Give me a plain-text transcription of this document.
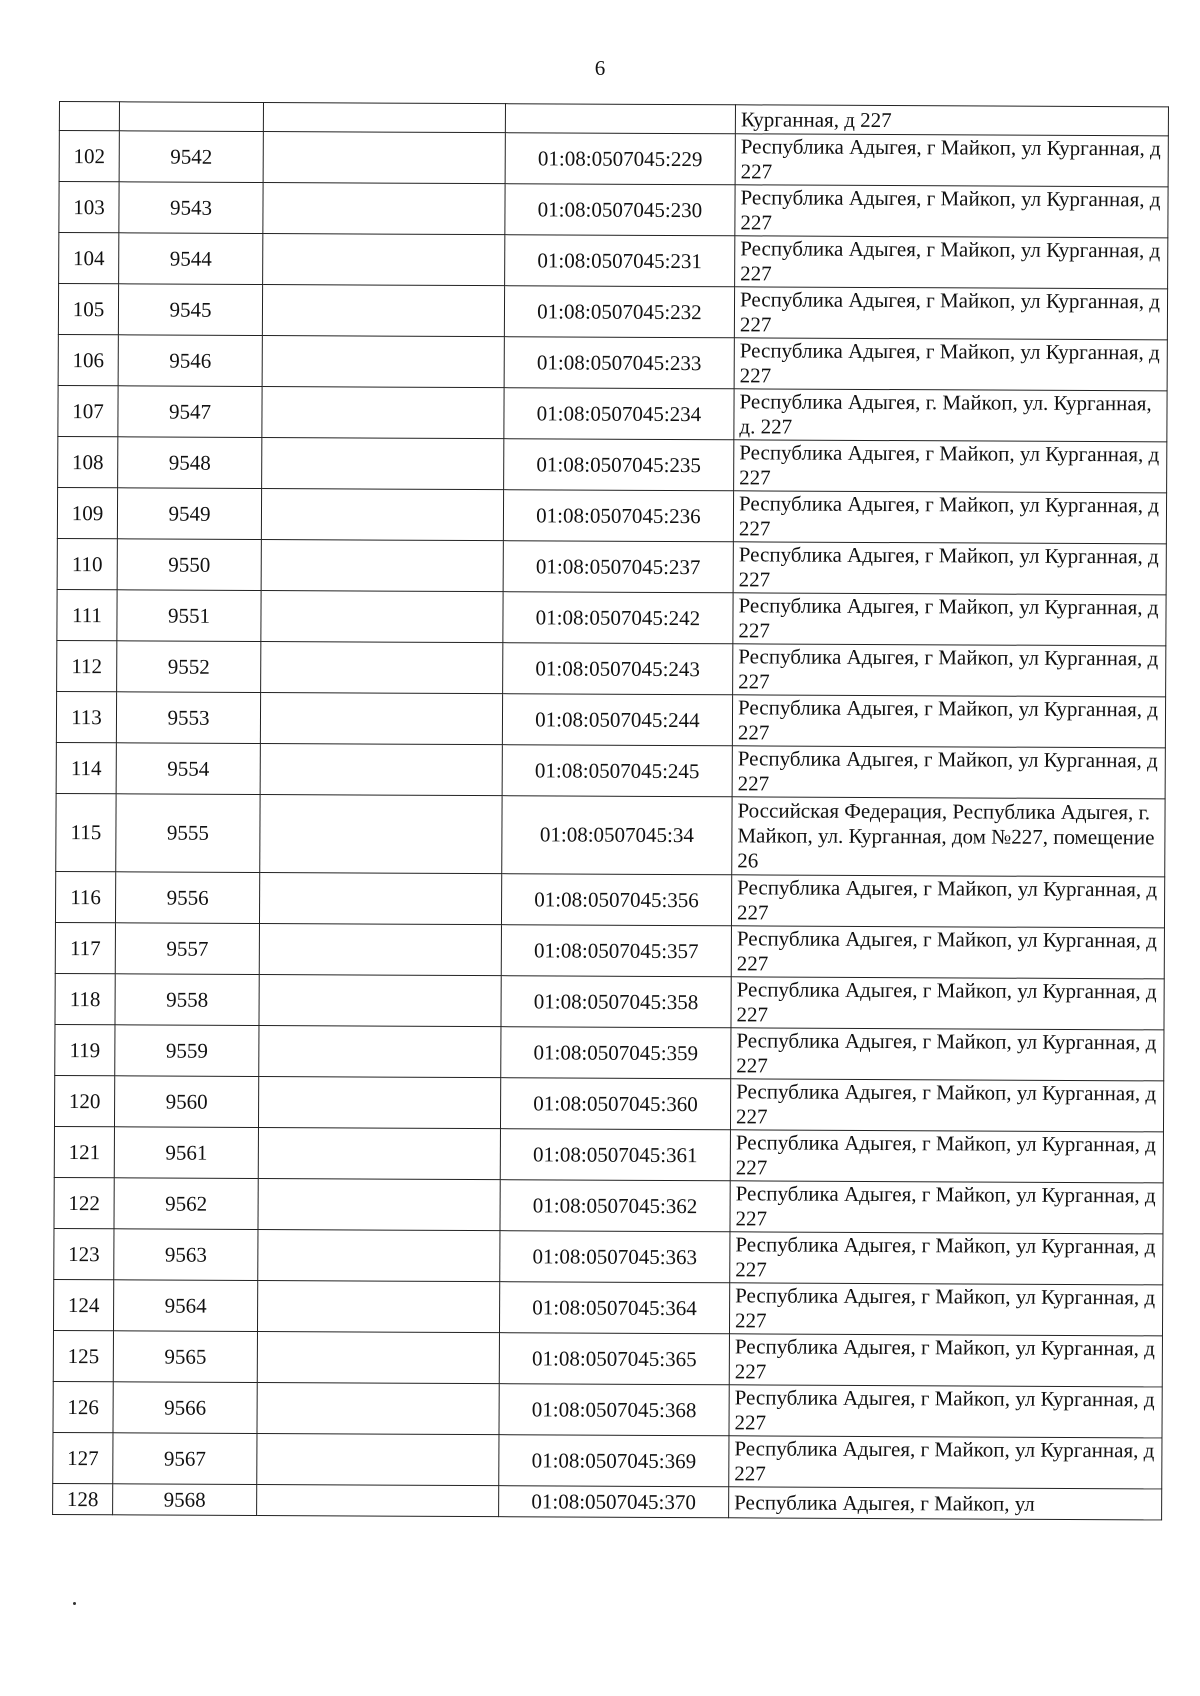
6
				Курганная, д 227
102	9542		01:08:0507045:229	Республика Адыгея, г Майкоп, ул Курганная, д 227
103	9543		01:08:0507045:230	Республика Адыгея, г Майкоп, ул Курганная, д 227
104	9544		01:08:0507045:231	Республика Адыгея, г Майкоп, ул Курганная, д 227
105	9545		01:08:0507045:232	Республика Адыгея, г Майкоп, ул Курганная, д 227
106	9546		01:08:0507045:233	Республика Адыгея, г Майкоп, ул Курганная, д 227
107	9547		01:08:0507045:234	Республика Адыгея, г. Майкоп, ул. Курганная, д. 227
108	9548		01:08:0507045:235	Республика Адыгея, г Майкоп, ул Курганная, д 227
109	9549		01:08:0507045:236	Республика Адыгея, г Майкоп, ул Курганная, д 227
110	9550		01:08:0507045:237	Республика Адыгея, г Майкоп, ул Курганная, д 227
111	9551		01:08:0507045:242	Республика Адыгея, г Майкоп, ул Курганная, д 227
112	9552		01:08:0507045:243	Республика Адыгея, г Майкоп, ул Курганная, д 227
113	9553		01:08:0507045:244	Республика Адыгея, г Майкоп, ул Курганная, д 227
114	9554		01:08:0507045:245	Республика Адыгея, г Майкоп, ул Курганная, д 227
115	9555		01:08:0507045:34	Российская Федерация, Республика Адыгея, г. Майкоп, ул. Курганная, дом №227, помещение 26
116	9556		01:08:0507045:356	Республика Адыгея, г Майкоп, ул Курганная, д 227
117	9557		01:08:0507045:357	Республика Адыгея, г Майкоп, ул Курганная, д 227
118	9558		01:08:0507045:358	Республика Адыгея, г Майкоп, ул Курганная, д 227
119	9559		01:08:0507045:359	Республика Адыгея, г Майкоп, ул Курганная, д 227
120	9560		01:08:0507045:360	Республика Адыгея, г Майкоп, ул Курганная, д 227
121	9561		01:08:0507045:361	Республика Адыгея, г Майкоп, ул Курганная, д 227
122	9562		01:08:0507045:362	Республика Адыгея, г Майкоп, ул Курганная, д 227
123	9563		01:08:0507045:363	Республика Адыгея, г Майкоп, ул Курганная, д 227
124	9564		01:08:0507045:364	Республика Адыгея, г Майкоп, ул Курганная, д 227
125	9565		01:08:0507045:365	Республика Адыгея, г Майкоп, ул Курганная, д 227
126	9566		01:08:0507045:368	Республика Адыгея, г Майкоп, ул Курганная, д 227
127	9567		01:08:0507045:369	Республика Адыгея, г Майкоп, ул Курганная, д 227
128	9568		01:08:0507045:370	Республика Адыгея, г Майкоп, ул
